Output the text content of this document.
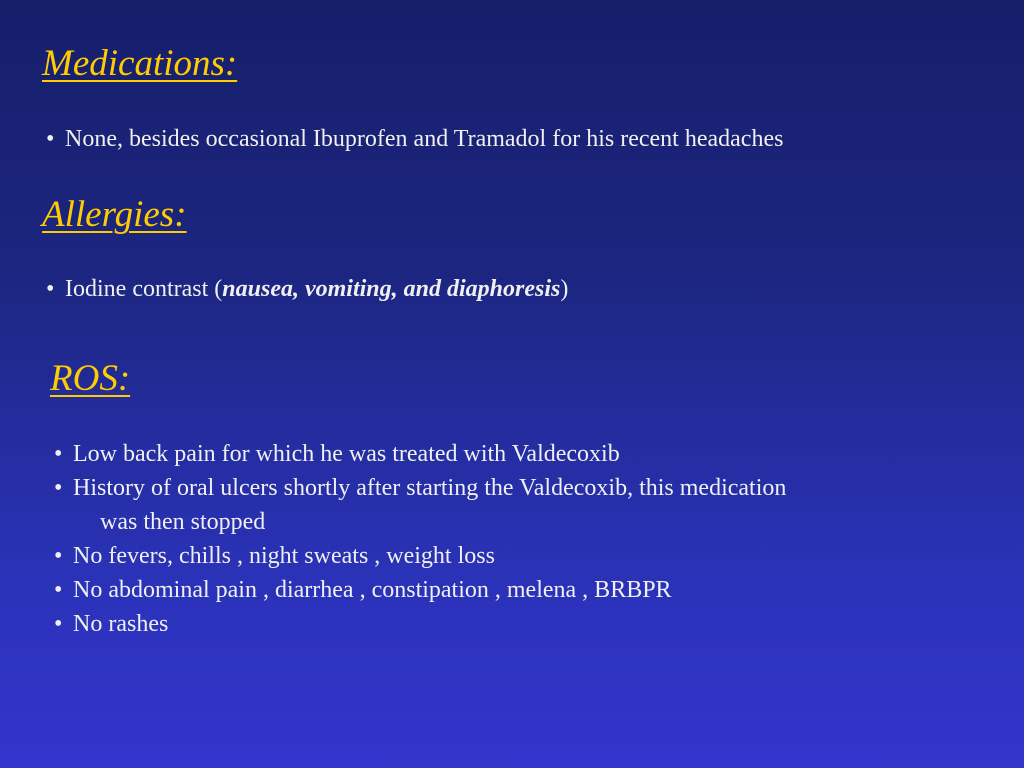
Medications:
• None, besides occasional Ibuprofen and Tramadol for his recent headaches
Allergies:
• Iodine contrast (nausea, vomiting, and diaphoresis)
ROS:
• Low back pain for which he was treated with Valdecoxib
• History of oral ulcers shortly after starting the Valdecoxib, this medication
was then stopped
• No fevers, chills , night sweats , weight loss
• No abdominal pain , diarrhea , constipation , melena , BRBPR
• No rashes
